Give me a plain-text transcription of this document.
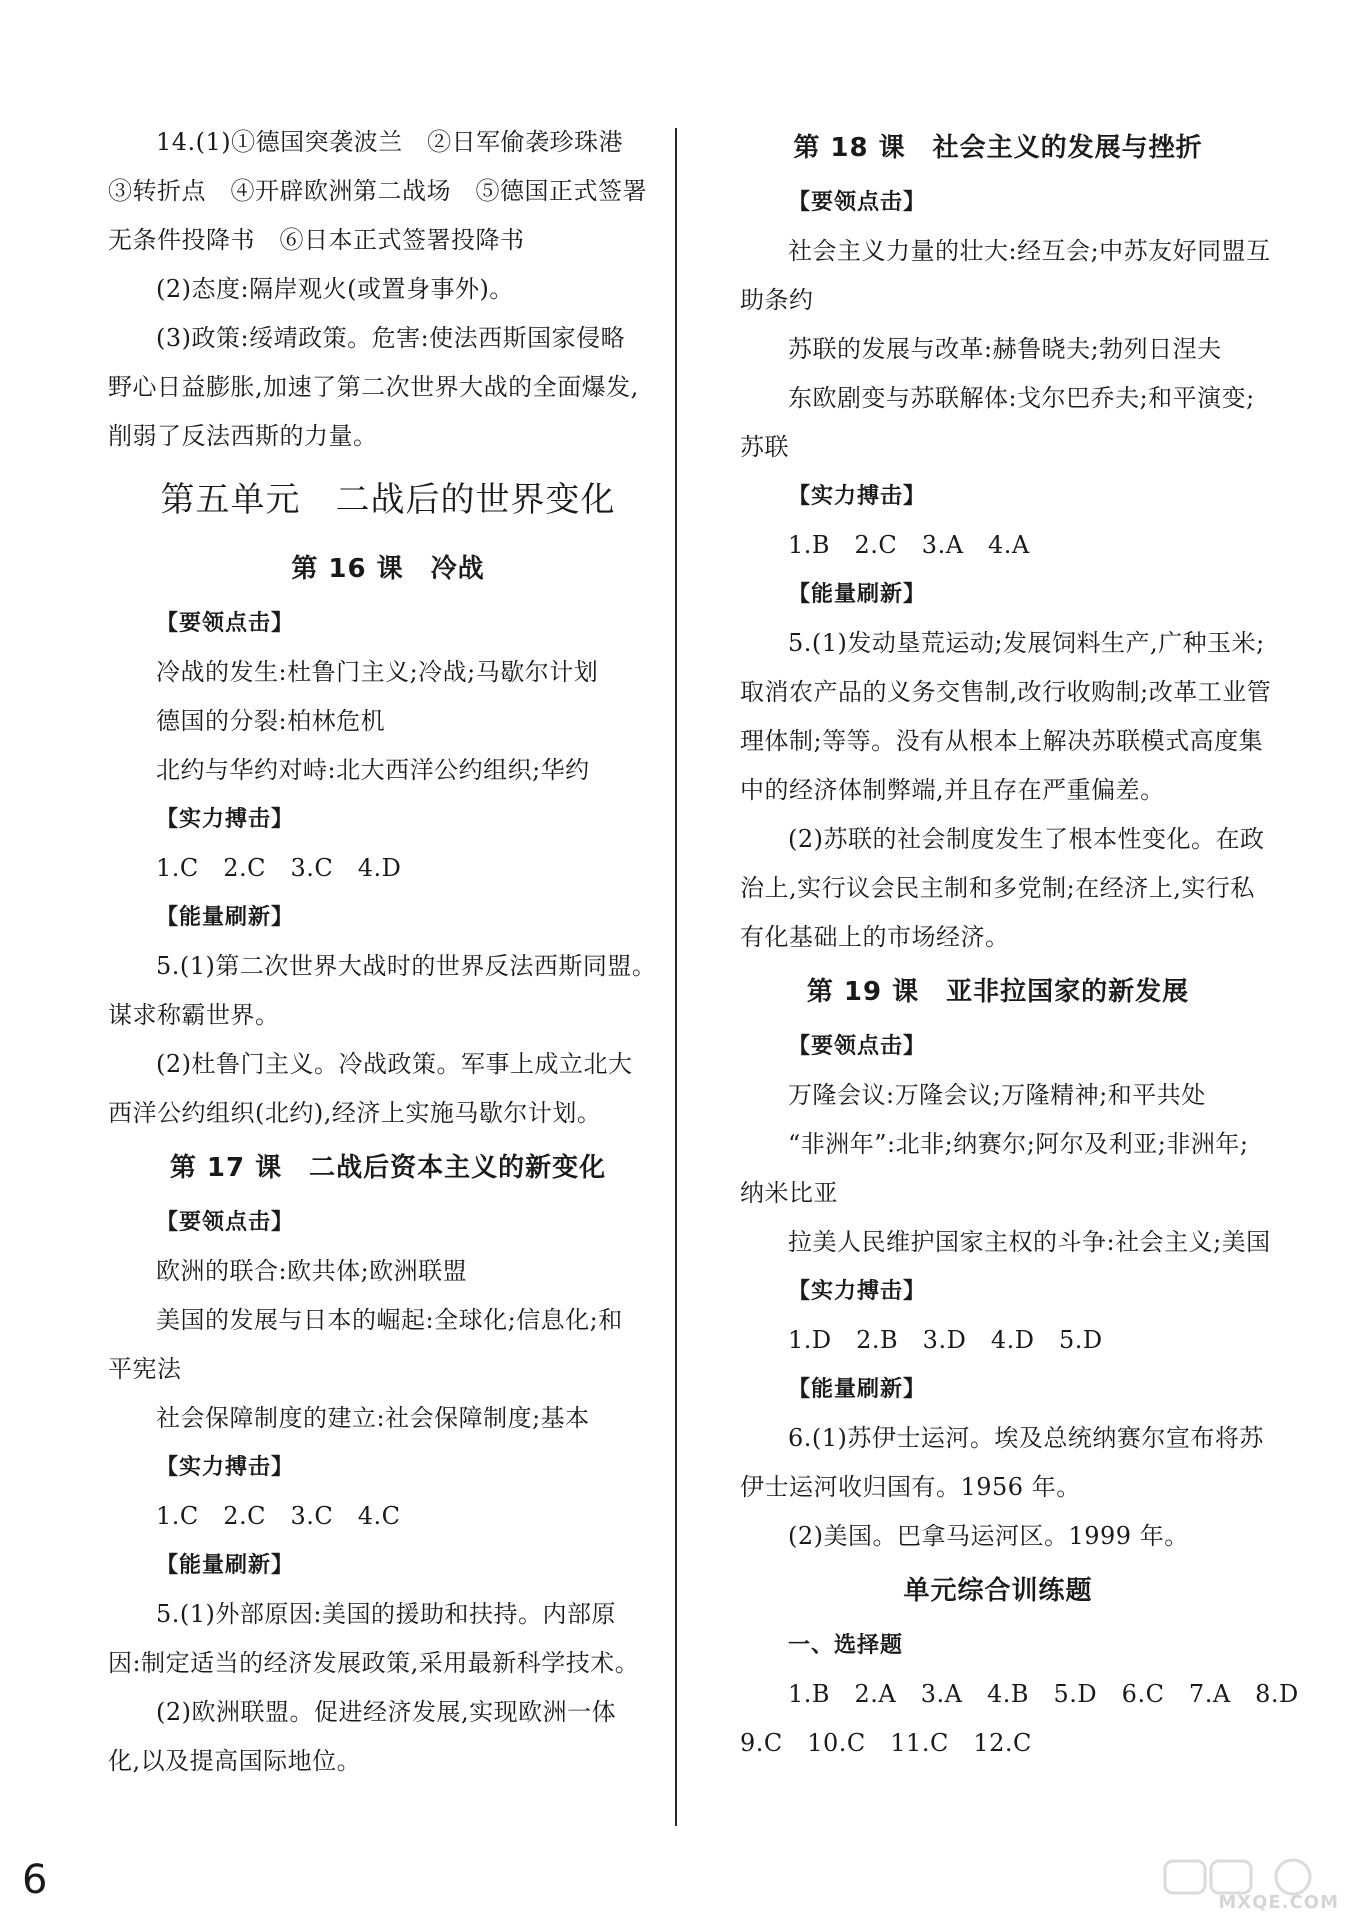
14.(1)①德国突袭波兰　②日军偷袭珍珠港
③转折点　④开辟欧洲第二战场　⑤德国正式签署
无条件投降书　⑥日本正式签署投降书
(2)态度:隔岸观火(或置身事外)。
(3)政策:绥靖政策。危害:使法西斯国家侵略
野心日益膨胀,加速了第二次世界大战的全面爆发,
削弱了反法西斯的力量。
第五单元　二战后的世界变化
第 16 课　冷战
【要领点击】
冷战的发生:杜鲁门主义;冷战;马歇尔计划
德国的分裂:柏林危机
北约与华约对峙:北大西洋公约组织;华约
【实力搏击】
1.C　2.C　3.C　4.D
【能量刷新】
5.(1)第二次世界大战时的世界反法西斯同盟。
谋求称霸世界。
(2)杜鲁门主义。冷战政策。军事上成立北大
西洋公约组织(北约),经济上实施马歇尔计划。
第 17 课　二战后资本主义的新变化
【要领点击】
欧洲的联合:欧共体;欧洲联盟
美国的发展与日本的崛起:全球化;信息化;和
平宪法
社会保障制度的建立:社会保障制度;基本
【实力搏击】
1.C　2.C　3.C　4.C
【能量刷新】
5.(1)外部原因:美国的援助和扶持。内部原
因:制定适当的经济发展政策,采用最新科学技术。
(2)欧洲联盟。促进经济发展,实现欧洲一体
化,以及提高国际地位。
第 18 课　社会主义的发展与挫折
【要领点击】
社会主义力量的壮大:经互会;中苏友好同盟互
助条约
苏联的发展与改革:赫鲁晓夫;勃列日涅夫
东欧剧变与苏联解体:戈尔巴乔夫;和平演变;
苏联
【实力搏击】
1.B　2.C　3.A　4.A
【能量刷新】
5.(1)发动垦荒运动;发展饲料生产,广种玉米;
取消农产品的义务交售制,改行收购制;改革工业管
理体制;等等。没有从根本上解决苏联模式高度集
中的经济体制弊端,并且存在严重偏差。
(2)苏联的社会制度发生了根本性变化。在政
治上,实行议会民主制和多党制;在经济上,实行私
有化基础上的市场经济。
第 19 课　亚非拉国家的新发展
【要领点击】
万隆会议:万隆会议;万隆精神;和平共处
“非洲年”:北非;纳赛尔;阿尔及利亚;非洲年;
纳米比亚
拉美人民维护国家主权的斗争:社会主义;美国
【实力搏击】
1.D　2.B　3.D　4.D　5.D
【能量刷新】
6.(1)苏伊士运河。埃及总统纳赛尔宣布将苏
伊士运河收归国有。1956 年。
(2)美国。巴拿马运河区。1999 年。
单元综合训练题
一、选择题
1.B　2.A　3.A　4.B　5.D　6.C　7.A　8.D
9.C　10.C　11.C　12.C
6	MXQE.COM
